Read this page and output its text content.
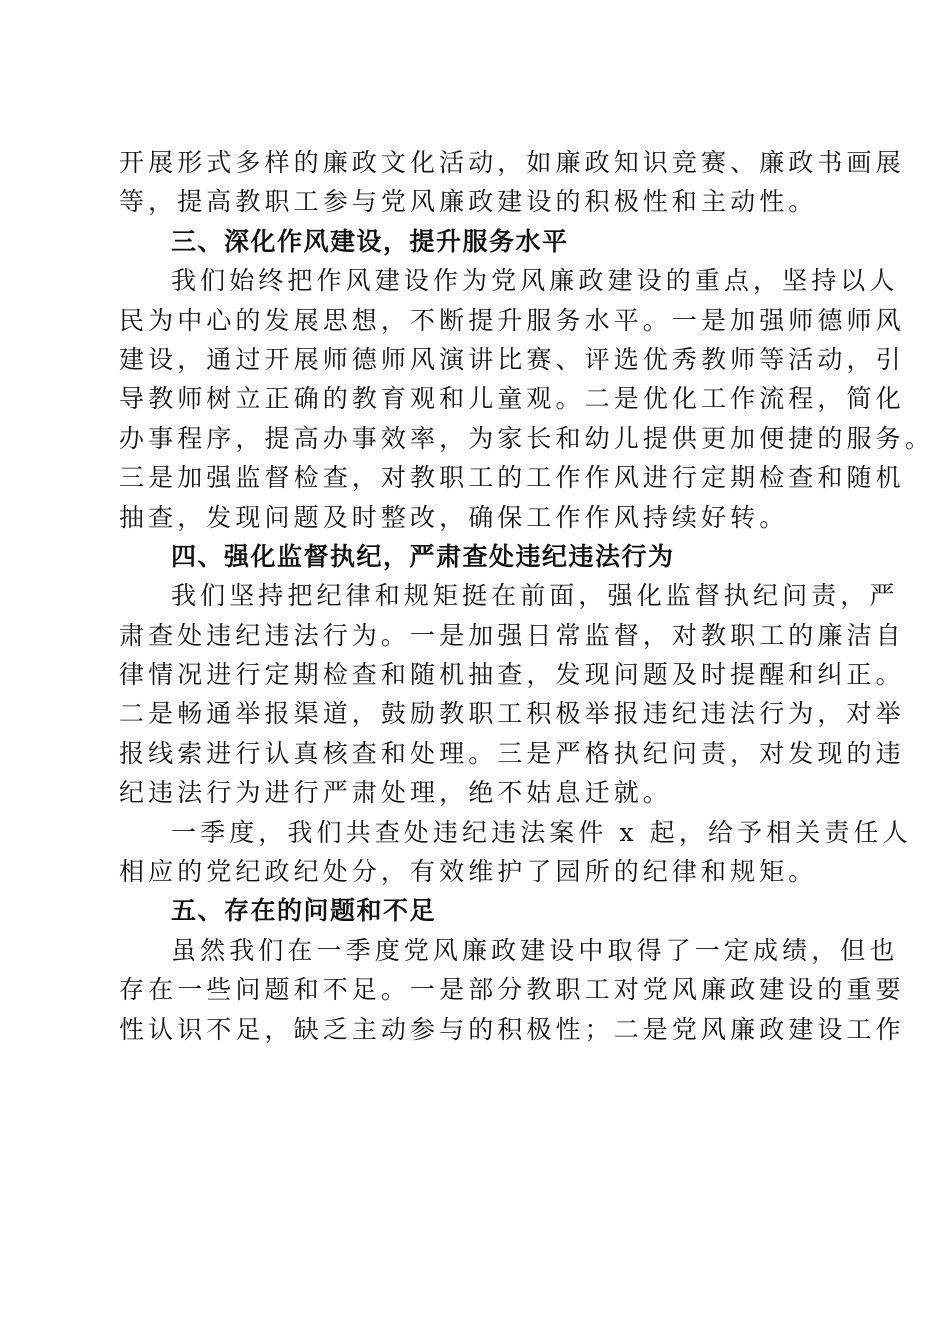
开展形式多样的廉政文化活动，如廉政知识竞赛、廉政书画展
等，提高教职工参与党风廉政建设的积极性和主动性。
三、深化作风建设，提升服务水平
我们始终把作风建设作为党风廉政建设的重点，坚持以人
民为中心的发展思想，不断提升服务水平。一是加强师德师风
建设，通过开展师德师风演讲比赛、评选优秀教师等活动，引
导教师树立正确的教育观和儿童观。二是优化工作流程，简化
办事程序，提高办事效率，为家长和幼儿提供更加便捷的服务。
三是加强监督检查，对教职工的工作作风进行定期检查和随机
抽查，发现问题及时整改，确保工作作风持续好转。
四、强化监督执纪，严肃查处违纪违法行为
我们坚持把纪律和规矩挺在前面，强化监督执纪问责，严
肃查处违纪违法行为。一是加强日常监督，对教职工的廉洁自
律情况进行定期检查和随机抽查，发现问题及时提醒和纠正。
二是畅通举报渠道，鼓励教职工积极举报违纪违法行为，对举
报线索进行认真核查和处理。三是严格执纪问责，对发现的违
纪违法行为进行严肃处理，绝不姑息迁就。
一季度，我们共查处违纪违法案件 x 起，给予相关责任人
相应的党纪政纪处分，有效维护了园所的纪律和规矩。
五、存在的问题和不足
虽然我们在一季度党风廉政建设中取得了一定成绩，但也
存在一些问题和不足。一是部分教职工对党风廉政建设的重要
性认识不足，缺乏主动参与的积极性；二是党风廉政建设工作
